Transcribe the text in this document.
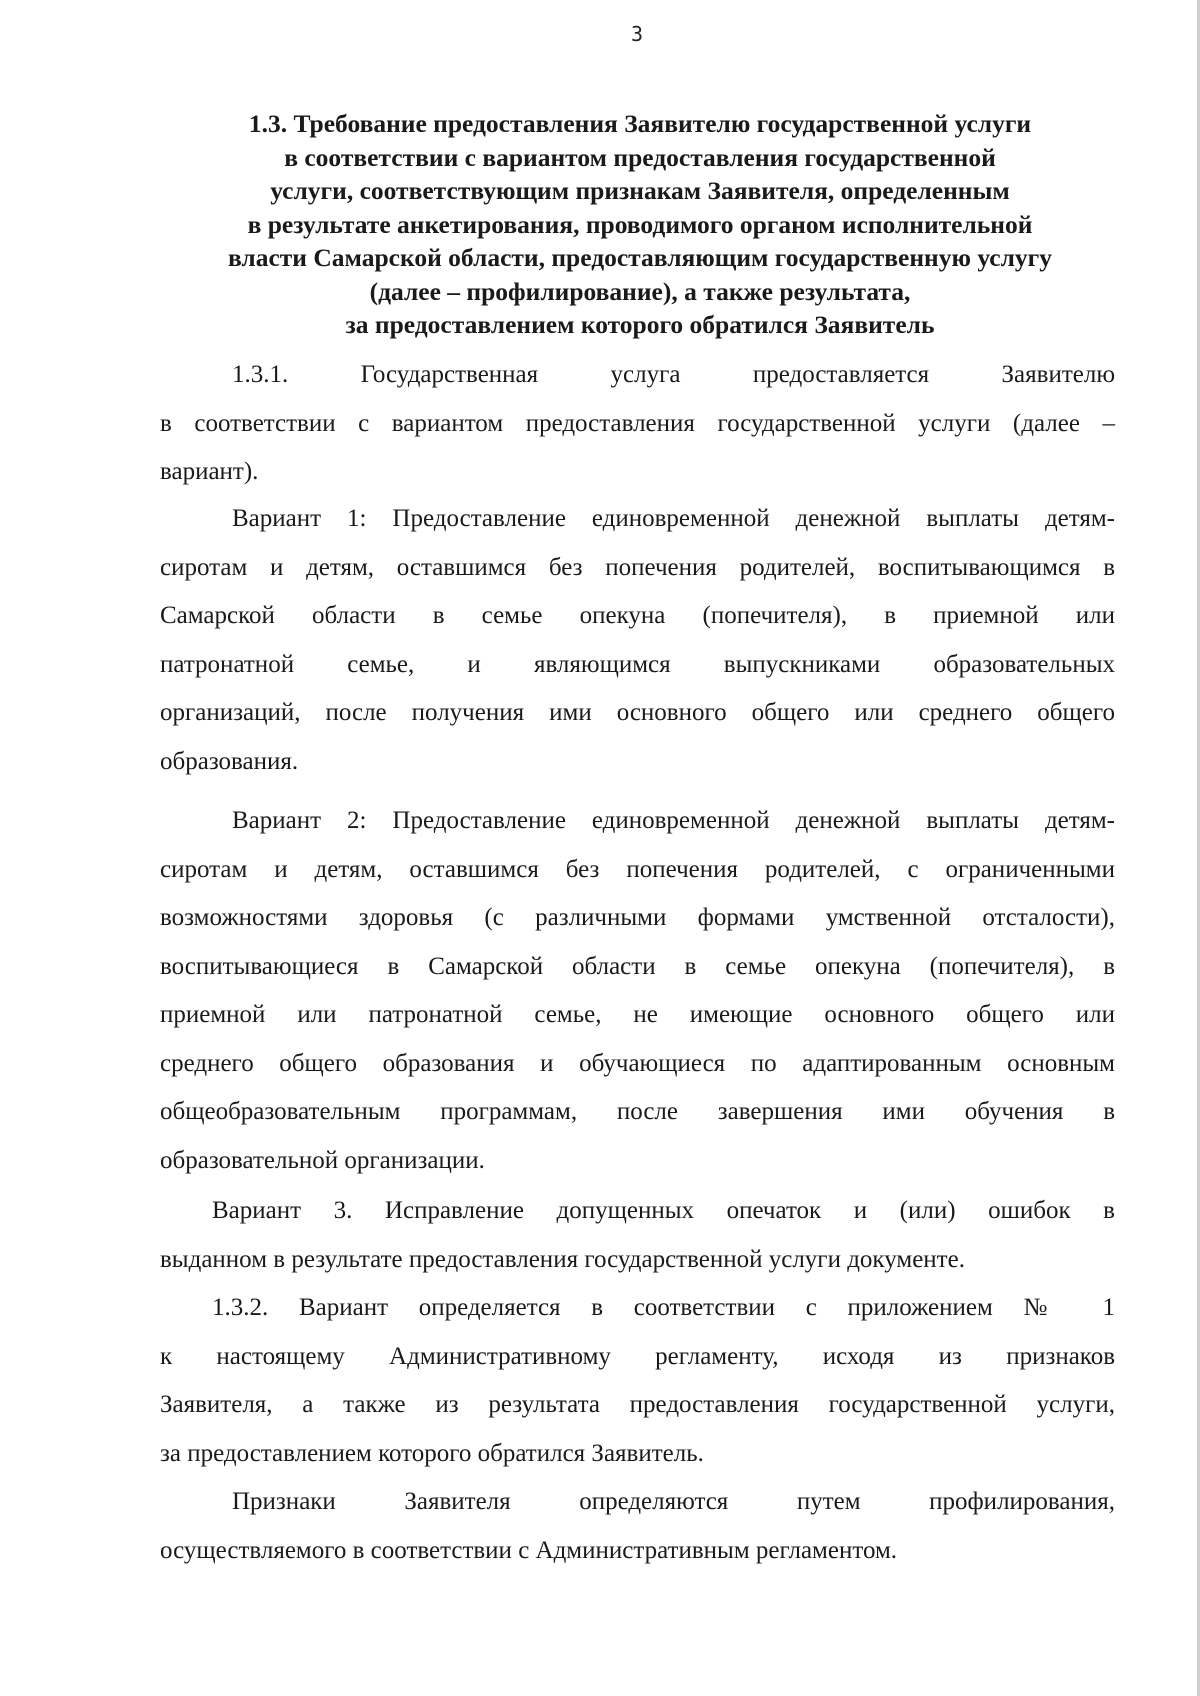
3
1.3. Требование предоставления Заявителю государственной услуги
в соответствии с вариантом предоставления государственной
услуги, соответствующим признакам Заявителя, определенным
в результате анкетирования, проводимого органом исполнительной
власти Самарской области, предоставляющим государственную услугу
(далее – профилирование), а также результата,
за предоставлением которого обратился Заявитель
1.3.1. Государственная услуга предоставляется Заявителю
в соответствии с вариантом предоставления государственной услуги (далее –
вариант).
Вариант 1: Предоставление единовременной денежной выплаты детям-
сиротам и детям, оставшимся без попечения родителей, воспитывающимся в
Самарской области в семье опекуна (попечителя), в приемной или
патронатной семье, и являющимся выпускниками образовательных
организаций, после получения ими основного общего или среднего общего
образования.
Вариант 2: Предоставление единовременной денежной выплаты детям-
сиротам и детям, оставшимся без попечения родителей, с ограниченными
возможностями здоровья (с различными формами умственной отсталости),
воспитывающиеся в Самарской области в семье опекуна (попечителя), в
приемной или патронатной семье, не имеющие основного общего или
среднего общего образования и обучающиеся по адаптированным основным
общеобразовательным программам, после завершения ими обучения в
образовательной организации.
Вариант 3. Исправление допущенных опечаток и (или) ошибок в
выданном в результате предоставления государственной услуги документе.
1.3.2. Вариант определяется в соответствии с приложением № 1
к настоящему Административному регламенту, исходя из признаков
Заявителя, а также из результата предоставления государственной услуги,
за предоставлением которого обратился Заявитель.
Признаки Заявителя определяются путем профилирования,
осуществляемого в соответствии с Административным регламентом.
